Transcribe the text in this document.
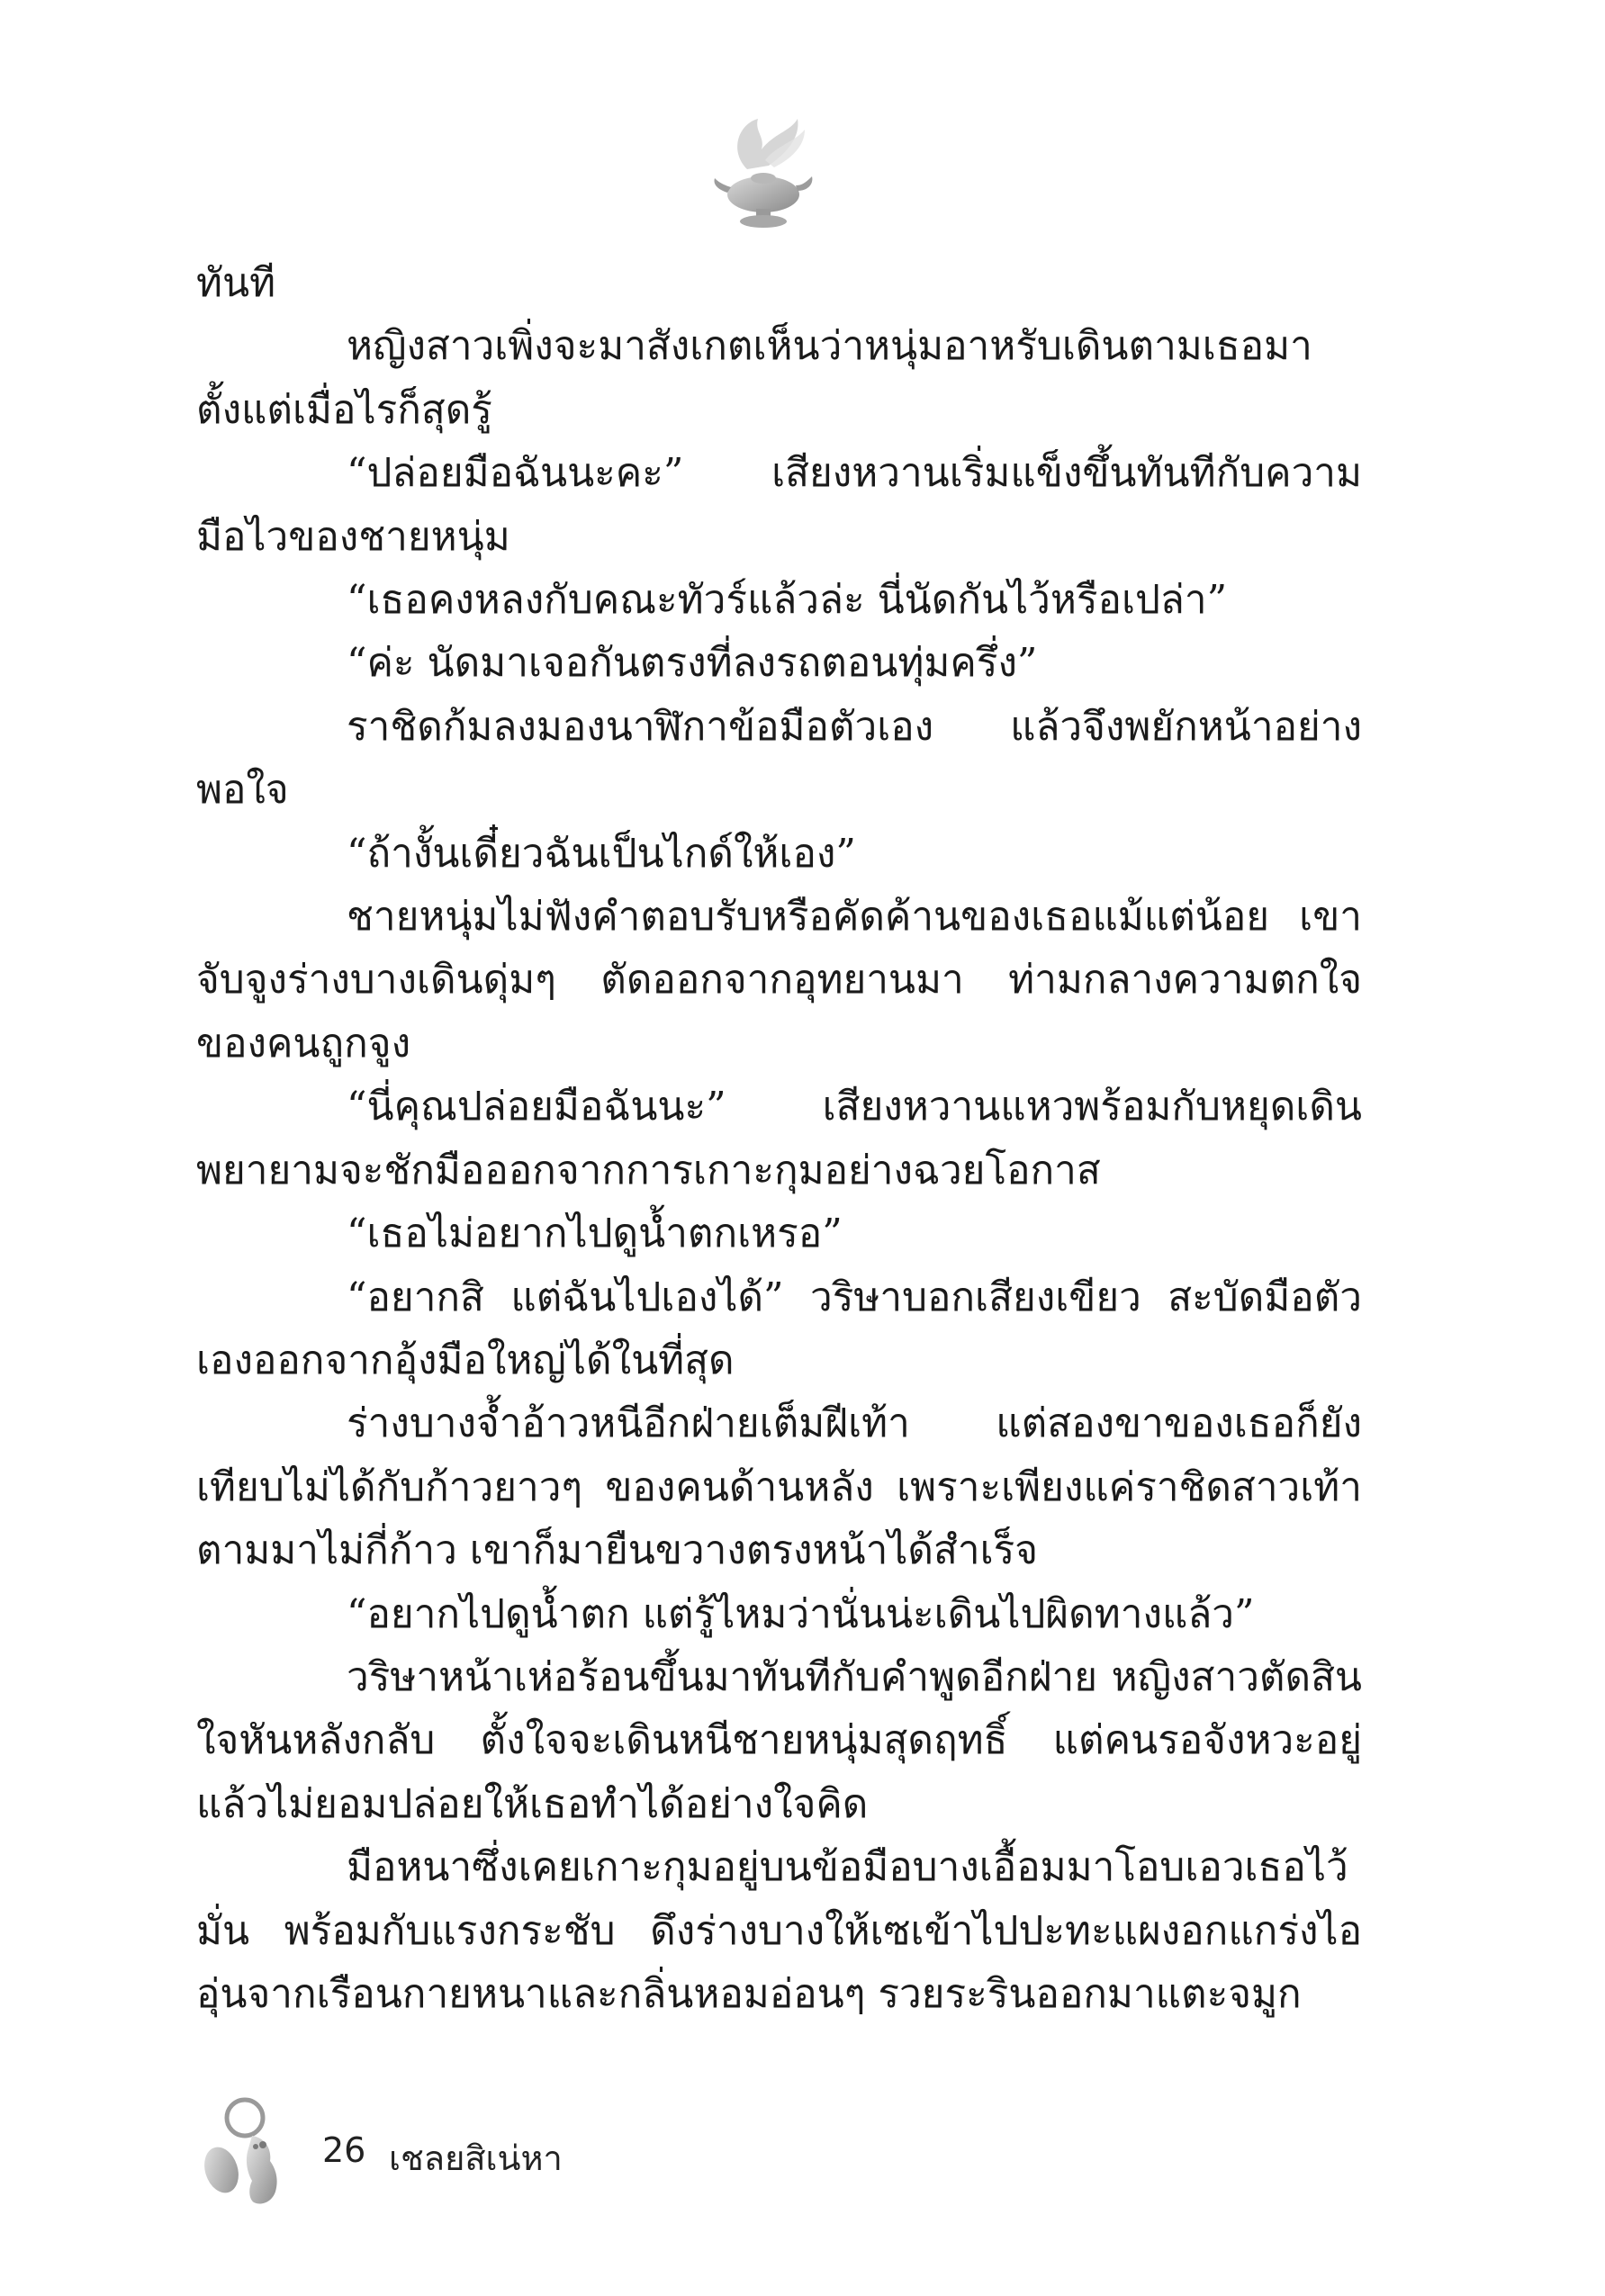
ทันที

หญิงสาวเพิ่งจะมาสังเกตเห็นว่าหนุ่มอาหรับเดินตามเธอมาตั้งแต่เมื่อไรก็สุดรู้

“ปล่อยมือฉันนะคะ” เสียงหวานเริ่มแข็งขึ้นทันทีกับความมือไวของชายหนุ่ม

“เธอคงหลงกับคณะทัวร์แล้วล่ะ นี่นัดกันไว้หรือเปล่า”

“ค่ะ นัดมาเจอกันตรงที่ลงรถตอนทุ่มครึ่ง”

ราชิดก้มลงมองนาฬิกาข้อมือตัวเอง แล้วจึงพยักหน้าอย่างพอใจ

“ถ้างั้นเดี๋ยวฉันเป็นไกด์ให้เอง”

ชายหนุ่มไม่ฟังคำตอบรับหรือคัดค้านของเธอแม้แต่น้อย เขาจับจูงร่างบางเดินดุ่มๆ ตัดออกจากอุทยานมา ท่ามกลางความตกใจของคนถูกจูง

“นี่คุณปล่อยมือฉันนะ” เสียงหวานแหวพร้อมกับหยุดเดินพยายามจะชักมือออกจากการเกาะกุมอย่างฉวยโอกาส

“เธอไม่อยากไปดูน้ำตกเหรอ”

“อยากสิ แต่ฉันไปเองได้” วริษาบอกเสียงเขียว สะบัดมือตัวเองออกจากอุ้งมือใหญ่ได้ในที่สุด

ร่างบางจ้ำอ้าวหนีอีกฝ่ายเต็มฝีเท้า แต่สองขาของเธอก็ยังเทียบไม่ได้กับก้าวยาวๆ ของคนด้านหลัง เพราะเพียงแค่ราชิดสาวเท้าตามมาไม่กี่ก้าว เขาก็มายืนขวางตรงหน้าได้สำเร็จ

“อยากไปดูน้ำตก แต่รู้ไหมว่านั่นน่ะเดินไปผิดทางแล้ว”

วริษาหน้าเห่อร้อนขึ้นมาทันทีกับคำพูดอีกฝ่าย หญิงสาวตัดสินใจหันหลังกลับ ตั้งใจจะเดินหนีชายหนุ่มสุดฤทธิ์ แต่คนรอจังหวะอยู่แล้วไม่ยอมปล่อยให้เธอทำได้อย่างใจคิด

มือหนาซึ่งเคยเกาะกุมอยู่บนข้อมือบางเอื้อมมาโอบเอวเธอไว้มั่น พร้อมกับแรงกระชับ ดึงร่างบางให้เซเข้าไปปะทะแผงอกแกร่งไออุ่นจากเรือนกายหนาและกลิ่นหอมอ่อนๆ รวยระรินออกมาแตะจมูก

26 เชลยสิเน่หา
